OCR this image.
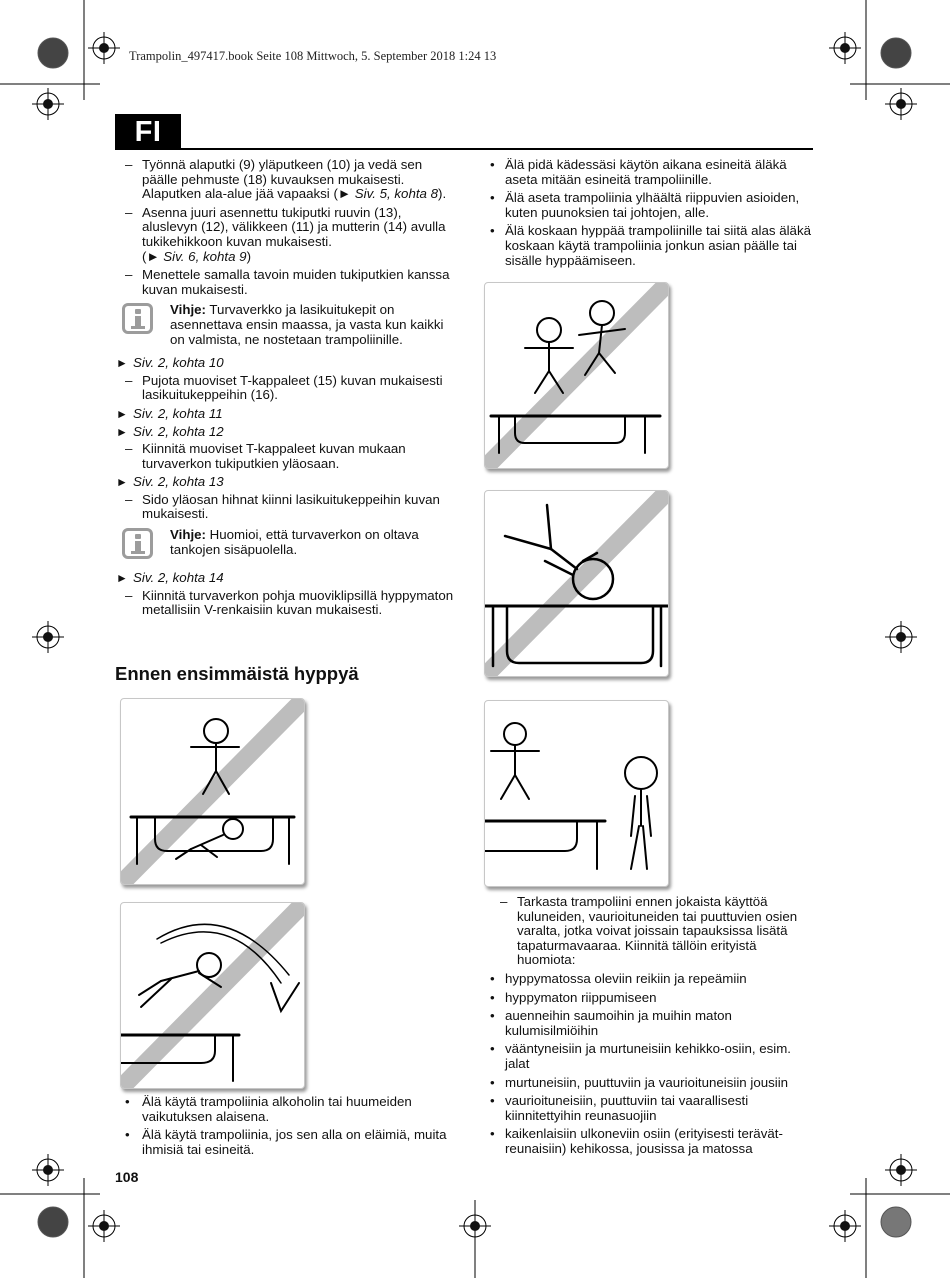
Trampolin_497417.book Seite 108 Mittwoch, 5. September 2018 1:24 13
FI
– Työnnä alaputki (9) yläputkeen (10) ja vedä sen päälle pehmuste (18) kuvauksen mukaisesti.
Alaputken ala-alue jää vapaaksi (► Siv. 5, kohta 8).
– Asenna juuri asennettu tukiputki ruuvin (13), aluslevyn (12), välikkeen (11) ja mutterin (14) avulla tukikehikkoon kuvan mukaisesti.
(► Siv. 6, kohta 9)
– Menettele samalla tavoin muiden tukiputkien kanssa kuvan mukaisesti.
Vihje: Turvaverkko ja lasikuitukepit on asennettava ensin maassa, ja vasta kun kaikki on valmista, ne nostetaan trampoliinille.
► Siv. 2, kohta 10
– Pujota muoviset T-kappaleet (15) kuvan mukaisesti lasikuitukeppeihin (16).
► Siv. 2, kohta 11
► Siv. 2, kohta 12
– Kiinnitä muoviset T-kappaleet kuvan mukaan turvaverkon tukiputkien yläosaan.
► Siv. 2, kohta 13
– Sido yläosan hihnat kiinni lasikuitukeppeihin kuvan mukaisesti.
Vihje: Huomioi, että turvaverkon on oltava tankojen sisäpuolella.
► Siv. 2, kohta 14
– Kiinnitä turvaverkon pohja muoviklipsillä hyppymaton metallisiin V-renkaisiin kuvan mukaisesti.
Ennen ensimmäistä hyppyä
• Älä pidä kädessäsi käytön aikana esineitä äläkä aseta mitään esineitä trampoliinille.
• Älä aseta trampoliinia ylhäältä riippuvien asioiden, kuten puunoksien tai johtojen, alle.
• Älä koskaan hyppää trampoliinille tai siitä alas äläkä koskaan käytä trampoliinia jonkun asian päälle tai sisälle hyppäämiseen.
• Älä käytä trampoliinia alkoholin tai huumeiden vaikutuksen alaisena.
• Älä käytä trampoliinia, jos sen alla on eläimiä, muita ihmisiä tai esineitä.
– Tarkasta trampoliini ennen jokaista käyttöä kuluneiden, vaurioituneiden tai puuttuvien osien varalta, jotka voivat joissain tapauksissa lisätä tapaturmavaaraa. Kiinnitä tällöin erityistä huomiota:
• hyppymatossa oleviin reikiin ja repeämiin
• hyppymaton riippumiseen
• auenneihin saumoihin ja muihin maton kulumisilmiöihin
• vääntyneisiin ja murtuneisiin kehikko-osiin, esim. jalat
• murtuneisiin, puuttuviin ja vaurioituneisiin jousiin
• vaurioituneisiin, puuttuviin tai vaarallisesti kiinnitettyihin reunasuojiin
• kaikenlaisiin ulkoneviin osiin (erityisesti terävätreunaisiin) kehikossa, jousissa ja matossa
108
